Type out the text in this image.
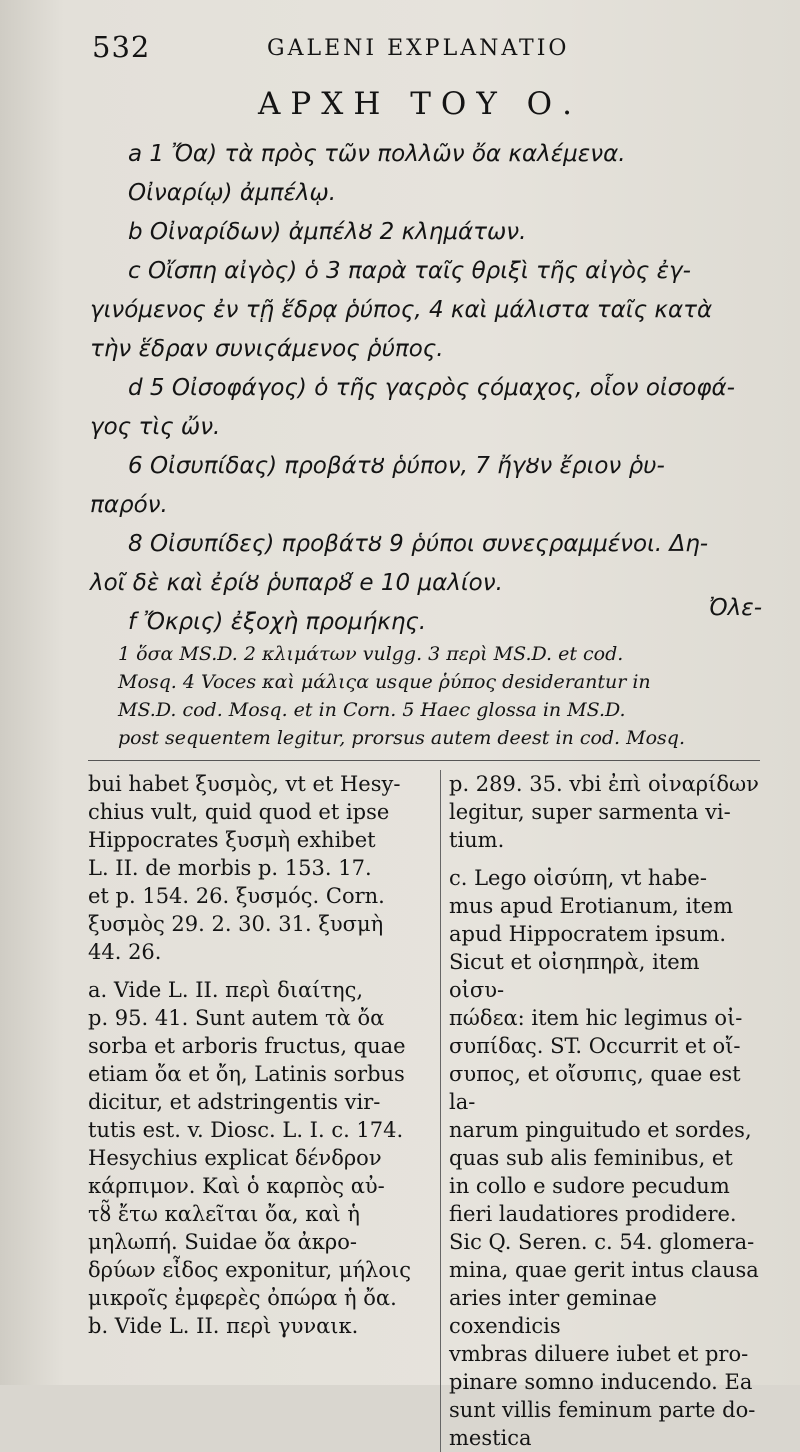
532	GALENI EXPLANATIO
ΑΡΧΗ ΤΟΥ Ο.
a 1 Ὄα) τὰ πρὸς τῶν πολλῶν ὄα καλέμενα.
Οἰναρίῳ) ἀμπέλῳ.
b Οἰναρίδων) ἀμπέλȣ 2 κλημάτων.
c Οἴσπη αἰγὸς) ὁ 3 παρὰ ταῖς θριξὶ τῆς αἰγὸς ἐγ-
γινόμενος ἐν τῇ ἕδρᾳ ῥύπος, 4 καὶ μάλιστα ταῖς κατὰ
τὴν ἕδραν συνιςάμενος ῥύπος.
d 5 Οἰσοφάγος) ὁ τῆς γαςρὸς ςόμαχος, οἷον οἰσοφά-
γος τὶς ὤν.
6 Οἰσυπίδας) προβάτȣ ῥύπον, 7 ἤγȣν ἔριον ῥυ-
παρόν.
8 Οἰσυπίδες) προβάτȣ 9 ῥύποι συνεςραμμένοι. Δη-
λοῖ δὲ καὶ ἐρίȣ ῥυπαρȣ̃ e 10 μαλίον.
f Ὄκρις) ἐξοχὴ προμήκης.
Ὀλε-

1 ὅσα MS.D. 2 κλιμάτων vulgg. 3 περὶ MS.D. et cod.

Mosq. 4 Voces καὶ μάλιςα usque ῥύπος desiderantur in

MS.D. cod. Mosq. et in Corn. 5 Haec glossa in MS.D.

post sequentem legitur, prorsus autem deest in cod. Mosq.

bui habet ξυσμὸς, vt et Hesy-

chius vult, quid quod et ipse

Hippocrates ξυσμὴ exhibet

L. II. de morbis p. 153. 17.

et p. 154. 26. ξυσμός. Corn.

ξυσμὸς 29. 2. 30. 31. ξυσμὴ

44. 26.

a. Vide L. II. περὶ διαίτης,

p. 95. 41. Sunt autem τὰ ὄα

sorba et arboris fructus, quae

etiam ὄα et ὄη, Latinis sorbus

dicitur, et adstringentis vir-

tutis est. v. Diosc. L. I. c. 174.

Hesychius explicat δένδρον

κάρπιμον. Καὶ ὁ καρπὸς αὐ-

τȣ̃ ἔτω καλεῖται ὄα, καὶ ἡ

μηλωπή. Suidae ὄα ἀκρο-

δρύων εἶδος exponitur, μήλοις

μικροῖς ἐμφερὲς ὀπώρα ἡ ὄα.

b. Vide L. II. περὶ γυναικ.

p. 289. 35. vbi ἐπὶ οἰναρίδων

legitur, super sarmenta vi-

tium.

c. Lego οἰσύπη, vt habe-

mus apud Erotianum, item

apud Hippocratem ipsum.

Sicut et οἰσηπηρὰ, item οἰσυ-

πώδεα: item hic legimus οἰ-

συπίδας. ST. Occurrit et οἴ-

συπος, et οἴσυπις, quae est la-

narum pinguitudo et sordes,

quas sub alis feminibus, et

in collo e sudore pecudum

fieri laudatiores prodidere.

Sic Q. Seren. c. 54. glomera-

mina, quae gerit intus clausa

aries inter geminae coxendicis

vmbras diluere iubet et pro-

pinare somno inducendo. Ea

sunt villis feminum parte do-

mestica
